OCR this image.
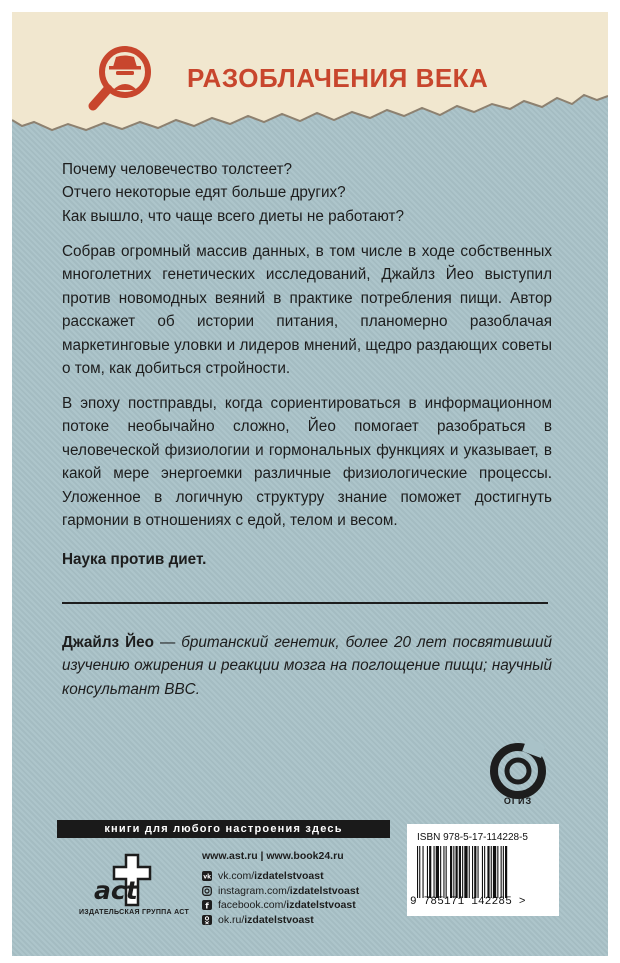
РАЗОБЛАЧЕНИЯ ВЕКА
Почему человечество толстеет?
Отчего некоторые едят больше других?
Как вышло, что чаще всего диеты не работают?

Собрав огромный массив данных, в том числе в ходе собственных многолетних генетических исследований, Джайлз Йео выступил против новомодных веяний в практике потребления пищи. Автор расскажет об истории питания, планомерно разоблачая маркетинговые уловки и лидеров мнений, щедро раздающих советы о том, как добиться стройности.

В эпоху постправды, когда сориентироваться в информационном потоке необычайно сложно, Йео помогает разобраться в человеческой физиологии и гормональных функциях и указывает, в какой мере энергоемки различные физиологические процессы. Уложенное в логичную структуру знание поможет достигнуть гармонии в отношениях с едой, телом и весом.

Наука против диет.
Джайлз Йео — британский генетик, более 20 лет посвятивший изучению ожирения и реакции мозга на поглощение пищи; научный консультант BBC.
ОГИЗ
книги для любого настроения здесь
act
ИЗДАТЕЛЬСКАЯ ГРУППА АСТ
www.ast.ru | www.book24.ru
vk vk.com/ izdatelstvoast
instagram.com/ izdatelstvoast
f facebook.com/ izdatelstvoast
ok.ru/ izdatelstvoast
ISBN 978-5-17-114228-5
9 785171 142285 >
